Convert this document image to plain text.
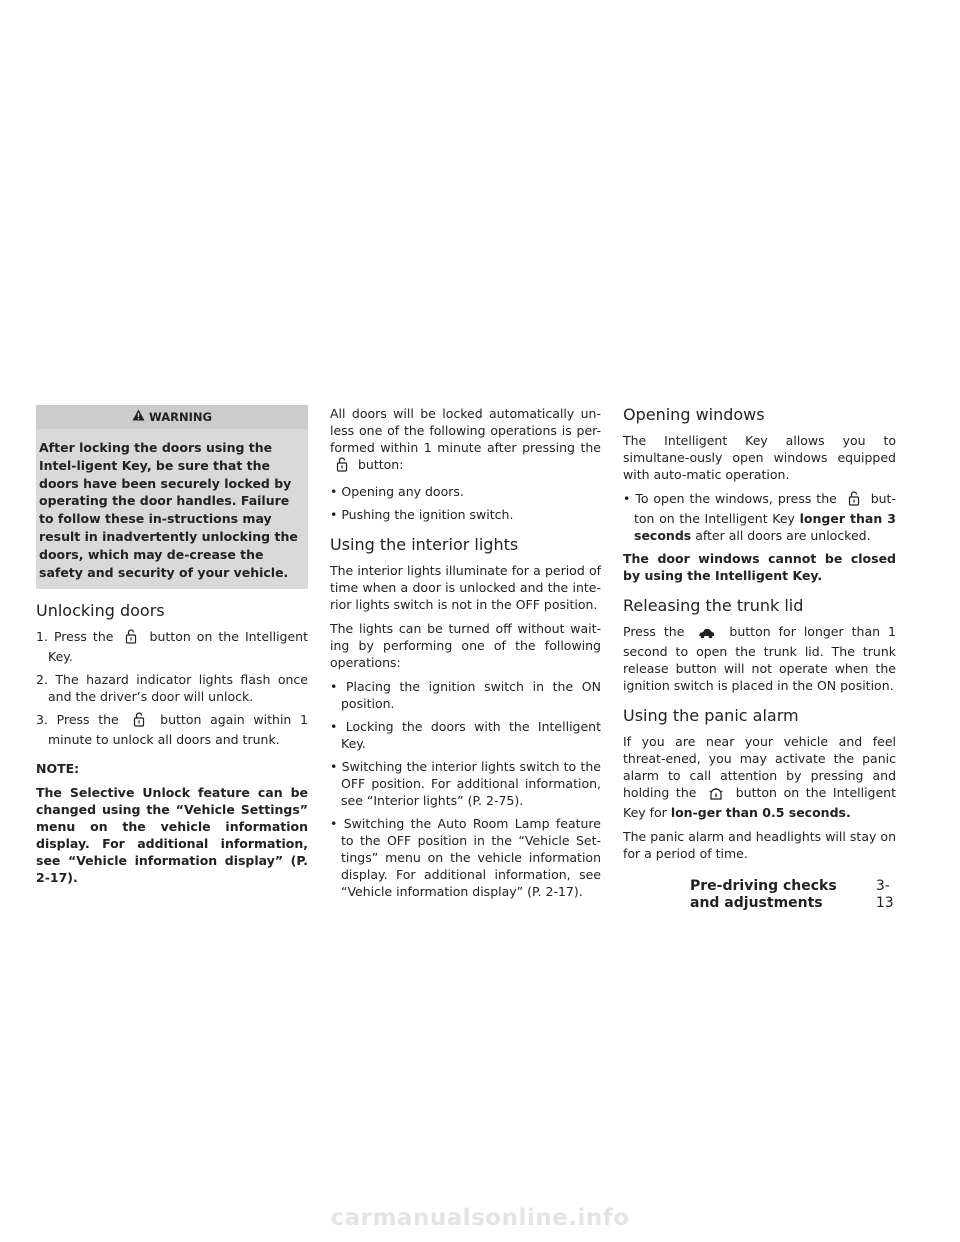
WARNING
After locking the doors using the Intel-ligent Key, be sure that the doors have been securely locked by operating the door handles. Failure to follow these in-structions may result in inadvertently unlocking the doors, which may de-crease the safety and security of your vehicle.
Unlocking doors

1. Press the	button on the Intelligent Key.

2. The hazard indicator lights flash once and the driver’s door will unlock.

3. Press the	button again within 1 minute to unlock all doors and trunk.

NOTE:

The Selective Unlock feature can be changed using the “Vehicle Settings” menu on the vehicle information display. For additional information, see “Vehicle information display” (P. 2-17).

All doors will be locked automatically un-less one of the following operations is per-formed within 1 minute after pressing the  button:

• Opening any doors.

• Pushing the ignition switch.

Using the interior lights

The interior lights illuminate for a period of time when a door is unlocked and the inte-rior lights switch is not in the OFF position.

The lights can be turned off without wait-ing by performing one of the following operations:

• Placing the ignition switch in the ON position.

• Locking the doors with the Intelligent Key.

• Switching the interior lights switch to the OFF position. For additional information, see “Interior lights” (P. 2-75).

• Switching the Auto Room Lamp feature to the OFF position in the “Vehicle Set-tings” menu on the vehicle information display. For additional information, see “Vehicle information display” (P. 2-17).

Opening windows

The Intelligent Key allows you to simultane-ously open windows equipped with auto-matic operation.

• To open the windows, press the	but-ton on the Intelligent Key longer than 3 seconds after all doors are unlocked.

The door windows cannot be closed by using the Intelligent Key.

Releasing the trunk lid

Press the	button for longer than 1 second to open the trunk lid. The trunk release button will not operate when the ignition switch is placed in the ON position.

Using the panic alarm

If you are near your vehicle and feel threat-ened, you may activate the panic alarm to call attention by pressing and holding the	button on the Intelligent Key for lon-ger than 0.5 seconds.

The panic alarm and headlights will stay on for a period of time.

Pre-driving checks and adjustments
3-13
carmanualsonline.info
